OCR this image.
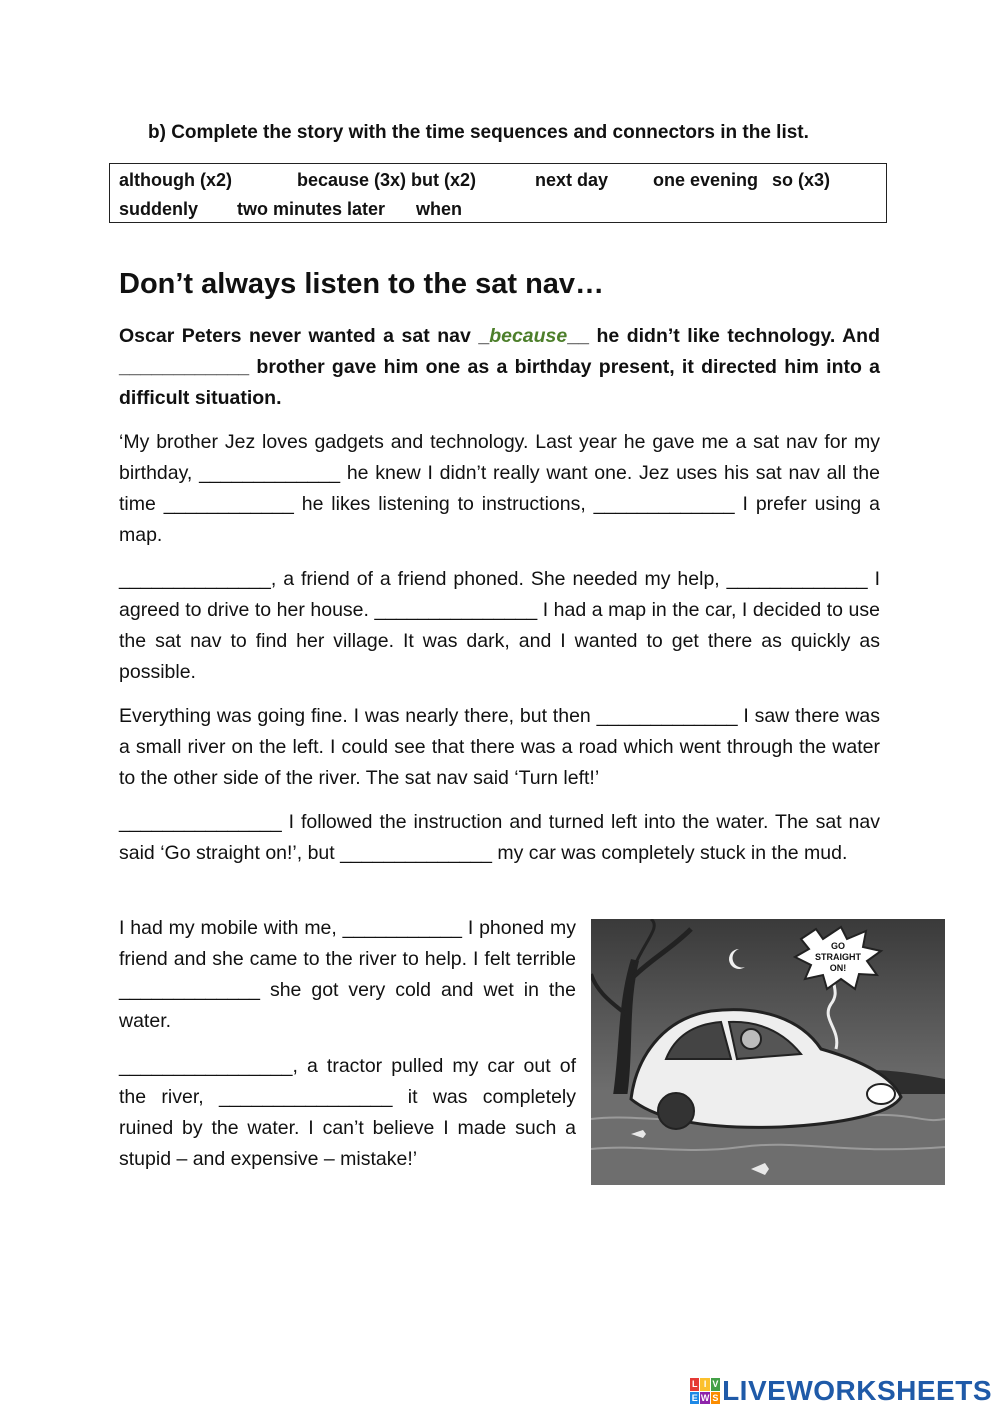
b) Complete the story with the time sequences and connectors in the list.
although (x2)	because (3x) but (x2)	next day one evening so (x3)
suddenly two minutes later when
Don’t always listen to the sat nav…

Oscar Peters never wanted a sat nav _because__ he didn’t like technology. And ____________ brother gave him one as a birthday present, it directed him into a difficult situation.

‘My brother Jez loves gadgets and technology. Last year he gave me a sat nav for my birthday, _____________ he knew I didn’t really want one. Jez uses his sat nav all the time ____________ he likes listening to instructions, _____________ I prefer using a map.

______________, a friend of a friend phoned. She needed my help, _____________ I agreed to drive to her house. _______________ I had a map in the car, I decided to use the sat nav to find her village. It was dark, and I wanted to get there as quickly as possible.

Everything was going fine. I was nearly there, but then _____________ I saw there was a small river on the left. I could see that there was a road which went through the water to the other side of the river. The sat nav said ‘Turn left!’

_______________ I followed the instruction and turned left into the water. The sat nav said ‘Go straight on!’, but ______________ my car was completely stuck in the mud.

I had my mobile with me, ___________ I phoned my friend and she came to the river to help. I felt terrible _____________ she got very cold and wet in the water.

________________, a tractor pulled my car out of the river, ________________ it was completely ruined by the water. I can’t believe I made such a stupid – and expensive – mistake!’

GO
STRAIGHT
ON!
L I V
E W S LIVEWORKSHEETS
